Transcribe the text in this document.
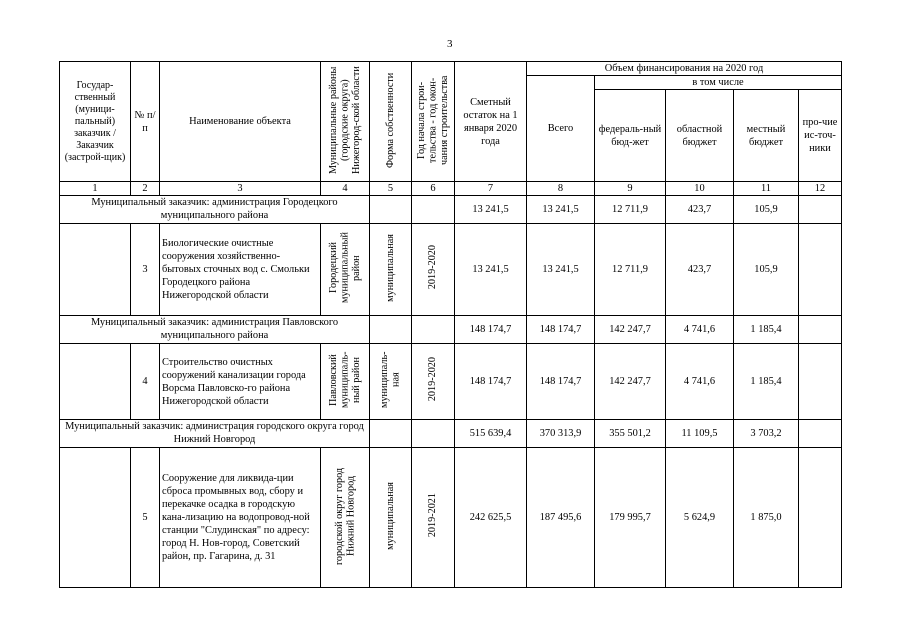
3
Государ-ственный (муници-пальный) заказчик / Заказчик (застрой-щик)	№ п/п	Наименование объекта	Муниципальные районы (городские округа) Нижегород-ской области	Форма собственности	Год начала строи-тельства - год окон-чания строительства	Сметный остаток на 1 января 2020 года	Объем финансирования на 2020 год				
							Всего	в том числе			
								федераль-ный бюд-жет	областной бюджет	местный бюджет	про-чие ис-точ-ники
1	2	3	4	5	6	7	8	9	10	11	12
Муниципальный заказчик: администрация Городецкого муниципального района						13 241,5	13 241,5	12 711,9	423,7	105,9	
	3	Биологические очистные сооружения хозяйственно-бытовых сточных вод с. Смольки Городецкого района Нижегородской области	Городецкий муниципальный район	муниципальная	2019-2020	13 241,5	13 241,5	12 711,9	423,7	105,9	
Муниципальный заказчик: администрация Павловского муниципального района						148 174,7	148 174,7	142 247,7	4 741,6	1 185,4	
	4	Строительство очистных сооружений канализации города Ворсма Павловско-го района Нижегородской области	Павловский муниципаль-ный район	муниципаль-ная	2019-2020	148 174,7	148 174,7	142 247,7	4 741,6	1 185,4	
Муниципальный заказчик: администрация городского округа город Нижний Новгород						515 639,4	370 313,9	355 501,2	11 109,5	3 703,2	
	5	Сооружение для ликвида-ции сброса промывных вод, сбору и перекачке осадка в городскую кана-лизацию на водопровод-ной станции "Слудинская" по адресу: город Н. Нов-город, Советский район, пр. Гагарина, д. 31	городской округ город Нижний Новгород	муниципальная	2019-2021	242 625,5	187 495,6	179 995,7	5 624,9	1 875,0	
